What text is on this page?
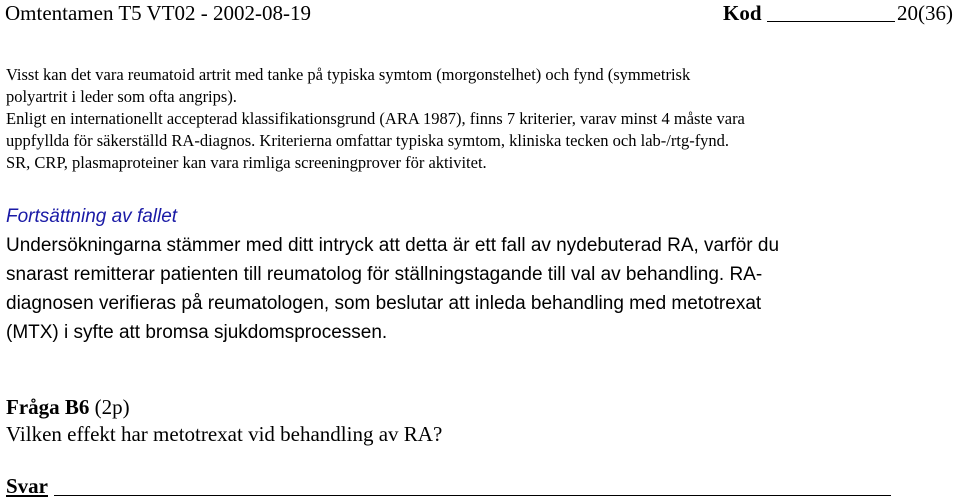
Omtentamen T5 VT02 - 2002-08-19	Kod	20(36)

Visst kan det vara reumatoid artrit med tanke på typiska symtom (morgonstelhet) och fynd (symmetrisk

polyartrit i leder som ofta angrips).

Enligt en internationellt accepterad klassifikationsgrund (ARA 1987), finns 7 kriterier, varav minst 4 måste vara

uppfyllda för säkerställd RA-diagnos. Kriterierna omfattar typiska symtom, kliniska tecken och lab-/rtg-fynd.

SR, CRP, plasmaproteiner kan vara rimliga screeningprover för aktivitet.

Fortsättning av fallet

Undersökningarna stämmer med ditt intryck att detta är ett fall av nydebuterad RA, varför du

snarast remitterar patienten till reumatolog för ställningstagande till val av behandling. RA-

diagnosen verifieras på reumatologen, som beslutar att inleda behandling med metotrexat

(MTX) i syfte att bromsa sjukdomsprocessen.

Fråga B6 (2p)

Vilken effekt har metotrexat vid behandling av RA?

Svar
